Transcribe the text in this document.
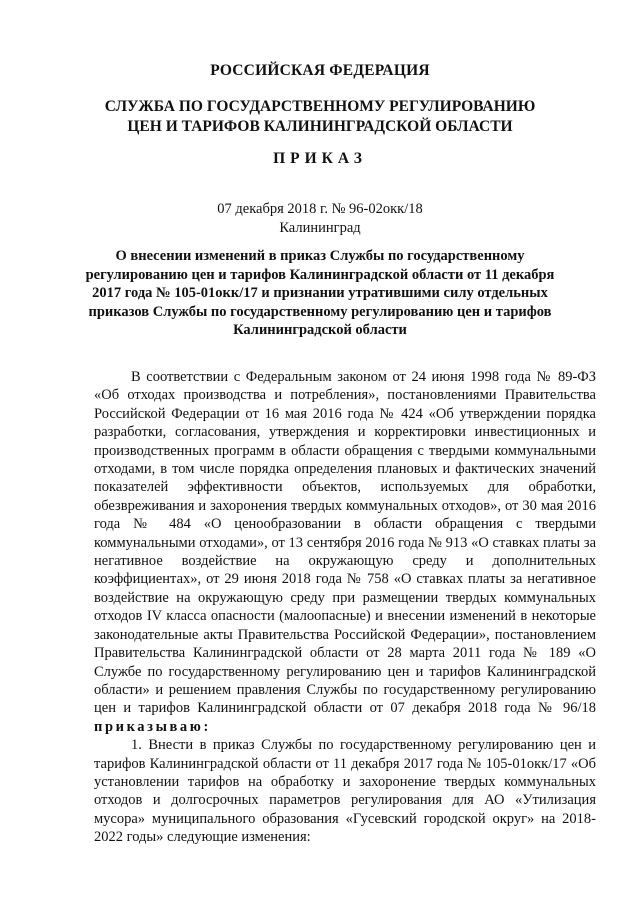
РОССИЙСКАЯ ФЕДЕРАЦИЯ
СЛУЖБА ПО ГОСУДАРСТВЕННОМУ РЕГУЛИРОВАНИЮ
ЦЕН И ТАРИФОВ КАЛИНИНГРАДСКОЙ ОБЛАСТИ
ПРИКАЗ
07 декабря 2018 г. № 96-02окк/18
Калининград
О внесении изменений в приказ Службы по государственному регулированию цен и тарифов Калининградской области от 11 декабря 2017 года № 105-01окк/17 и признании утратившими силу отдельных приказов Службы по государственному регулированию цен и тарифов Калининградской области

В соответствии с Федеральным законом от 24 июня 1998 года № 89-ФЗ «Об отходах производства и потребления», постановлениями Правительства Российской Федерации от 16 мая 2016 года № 424 «Об утверждении порядка разработки, согласования, утверждения и корректировки инвестиционных и производственных программ в области обращения с твердыми коммунальными отходами, в том числе порядка определения плановых и фактических значений показателей эффективности объектов, используемых для обработки, обезвреживания и захоронения твердых коммунальных отходов», от 30 мая 2016 года № 484 «О ценообразовании в области обращения с твердыми коммунальными отходами», от 13 сентября 2016 года № 913 «О ставках платы за негативное воздействие на окружающую среду и дополнительных коэффициентах», от 29 июня 2018 года № 758 «О ставках платы за негативное воздействие на окружающую среду при размещении твердых коммунальных отходов IV класса опасности (малоопасные) и внесении изменений в некоторые законодательные акты Правительства Российской Федерации», постановлением Правительства Калининградской области от 28 марта 2011 года № 189 «О Службе по государственному регулированию цен и тарифов Калининградской области» и решением правления Службы по государственному регулированию цен и тарифов Калининградской области от 07 декабря 2018 года № 96/18 приказываю:

1. Внести в приказ Службы по государственному регулированию цен и тарифов Калининградской области от 11 декабря 2017 года № 105-01окк/17 «Об установлении тарифов на обработку и захоронение твердых коммунальных отходов и долгосрочных параметров регулирования для АО «Утилизация мусора» муниципального образования «Гусевский городской округ» на 2018-2022 годы» следующие изменения:
